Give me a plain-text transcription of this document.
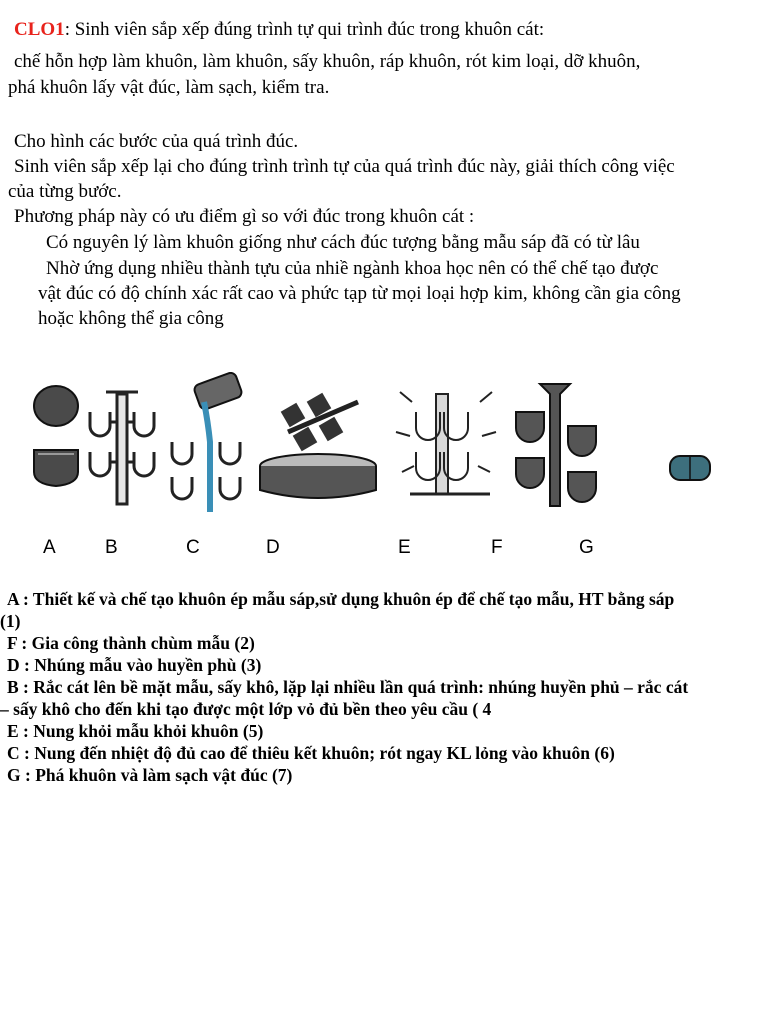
CLO1: Sinh viên sắp xếp đúng trình tự qui trình đúc trong khuôn cát:
chế hỗn hợp làm khuôn, làm khuôn, sấy khuôn, ráp khuôn, rót kim loại, dỡ khuôn,
phá khuôn lấy vật đúc, làm sạch, kiểm tra.
Cho hình các bước của quá trình đúc.
Sinh viên sắp xếp lại cho đúng trình trình tự của quá trình đúc này, giải thích công việc
của từng bước.
Phương pháp này có ưu điểm gì so với đúc trong khuôn cát :
Có nguyên lý làm khuôn giống như cách đúc tượng bằng mẫu sáp đã có từ lâu
Nhờ ứng dụng nhiều thành tựu của nhiề ngành khoa học nên có thể chế tạo được
vật đúc có độ chính xác rất cao và phức tạp từ mọi loại hợp kim, không cần gia công
hoặc không thể gia công
A	B	C	D	E	F	G
A : Thiết kế và chế tạo khuôn ép mẫu sáp,sử dụng khuôn ép để chế tạo mẫu, HT bằng sáp
(1)
F : Gia công thành chùm mẫu (2)
D : Nhúng mẫu vào huyền phù (3)
B : Rắc cát lên bề mặt mẫu, sấy khô, lặp lại nhiều lần quá trình: nhúng huyền phủ – rắc cát
– sấy khô cho đến khi tạo được một lớp vỏ đủ bền theo yêu cầu ( 4
E : Nung khỏi mẫu khỏi khuôn (5)
C : Nung đến nhiệt độ đủ cao để thiêu kết khuôn; rót ngay KL lỏng vào khuôn (6)
G : Phá khuôn và làm sạch vật đúc (7)
